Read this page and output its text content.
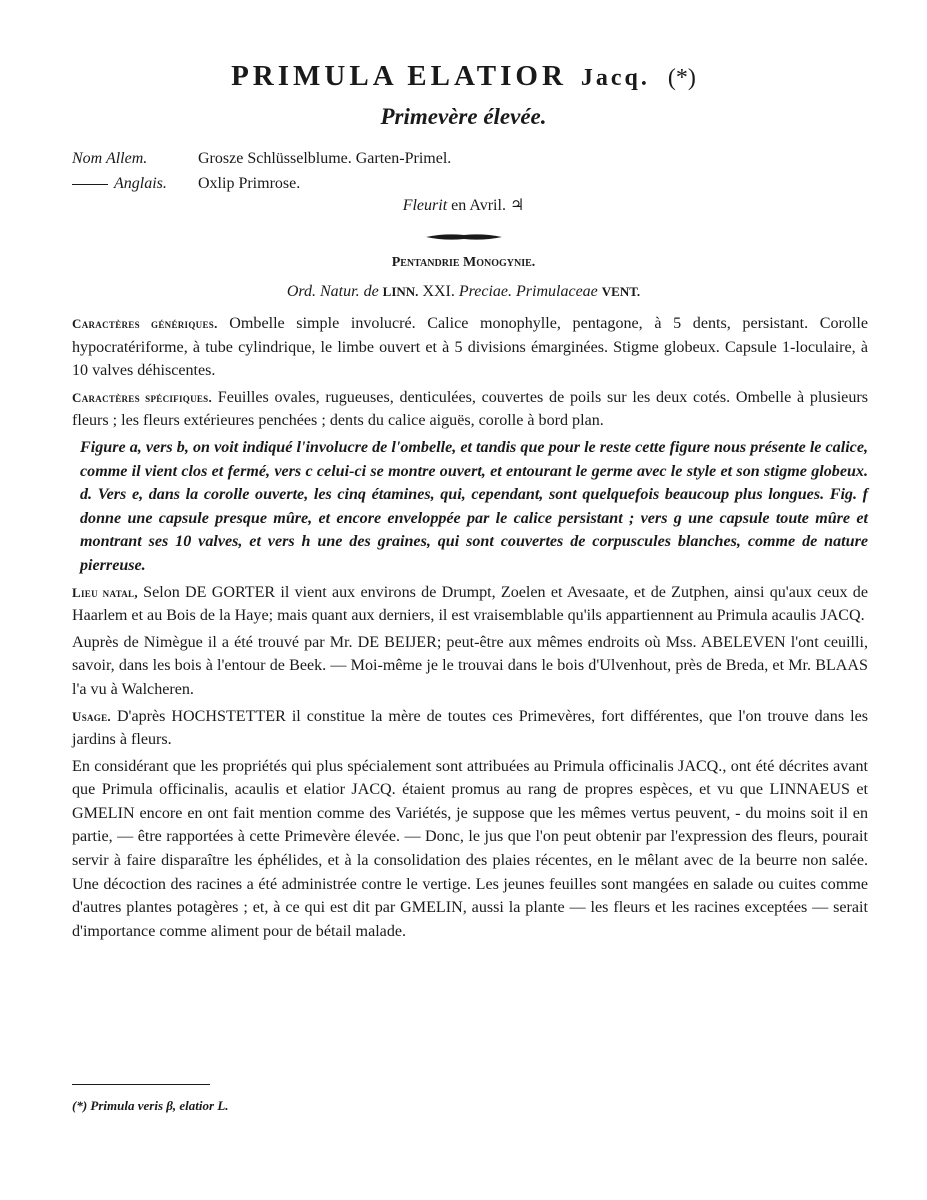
PRIMULA ELATIOR Jacq. (*)
Primevère élevée.
Nom Allem.	Grosze Schlüsselblume. Garten-Primel.
Anglais. Oxlip Primrose.
Fleurit en Avril. ♃
Pentandrie Monogynie.
Ord. Natur. de LINN. XXI. Preciae. Primulaceae VENT.

Caractères génériques. Ombelle simple involucré. Calice monophylle, pentagone, à 5 dents, persistant. Corolle hypocratériforme, à tube cylindrique, le limbe ouvert et à 5 divisions émarginées. Stigme globeux. Capsule 1-loculaire, à 10 valves déhiscentes.

Caractères spécifiques. Feuilles ovales, rugueuses, denticulées, couvertes de poils sur les deux cotés. Ombelle à plusieurs fleurs ; les fleurs extérieures penchées ; dents du calice aiguës, corolle à bord plan.

Figure a, vers b, on voit indiqué l'involucre de l'ombelle, et tandis que pour le reste cette figure nous présente le calice, comme il vient clos et fermé, vers c celui-ci se montre ouvert, et entourant le germe avec le style et son stigme globeux. d. Vers e, dans la corolle ouverte, les cinq étamines, qui, cependant, sont quelquefois beaucoup plus longues. Fig. f donne une capsule presque mûre, et encore enveloppée par le calice persistant ; vers g une capsule toute mûre et montrant ses 10 valves, et vers h une des graines, qui sont couvertes de corpuscules blanches, comme de nature pierreuse.

Lieu natal, Selon DE GORTER il vient aux environs de Drumpt, Zoelen et Avesaate, et de Zutphen, ainsi qu'aux ceux de Haarlem et au Bois de la Haye; mais quant aux derniers, il est vraisemblable qu'ils appartiennent au Primula acaulis JACQ.

Auprès de Nimègue il a été trouvé par Mr. DE BEIJER; peut-être aux mêmes endroits où Mss. ABELEVEN l'ont ceuilli, savoir, dans les bois à l'entour de Beek. — Moi-même je le trouvai dans le bois d'Ulvenhout, près de Breda, et Mr. BLAAS l'a vu à Walcheren.

Usage. D'après HOCHSTETTER il constitue la mère de toutes ces Primevères, fort différentes, que l'on trouve dans les jardins à fleurs.

En considérant que les propriétés qui plus spécialement sont attribuées au Primula officinalis JACQ., ont été décrites avant que Primula officinalis, acaulis et elatior JACQ. étaient promus au rang de propres espèces, et vu que LINNAEUS et GMELIN encore en ont fait mention comme des Variétés, je suppose que les mêmes vertus peuvent, - du moins soit il en partie, — être rapportées à cette Primevère élevée. — Donc, le jus que l'on peut obtenir par l'expression des fleurs, pourait servir à faire disparaître les éphélides, et à la consolidation des plaies récentes, en le mêlant avec de la beurre non salée. Une décoction des racines a été administrée contre le vertige. Les jeunes feuilles sont mangées en salade ou cuites comme d'autres plantes potagères ; et, à ce qui est dit par GMELIN, aussi la plante — les fleurs et les racines exceptées — serait d'importance comme aliment pour de bétail malade.

(*) Primula veris β, elatior L.
